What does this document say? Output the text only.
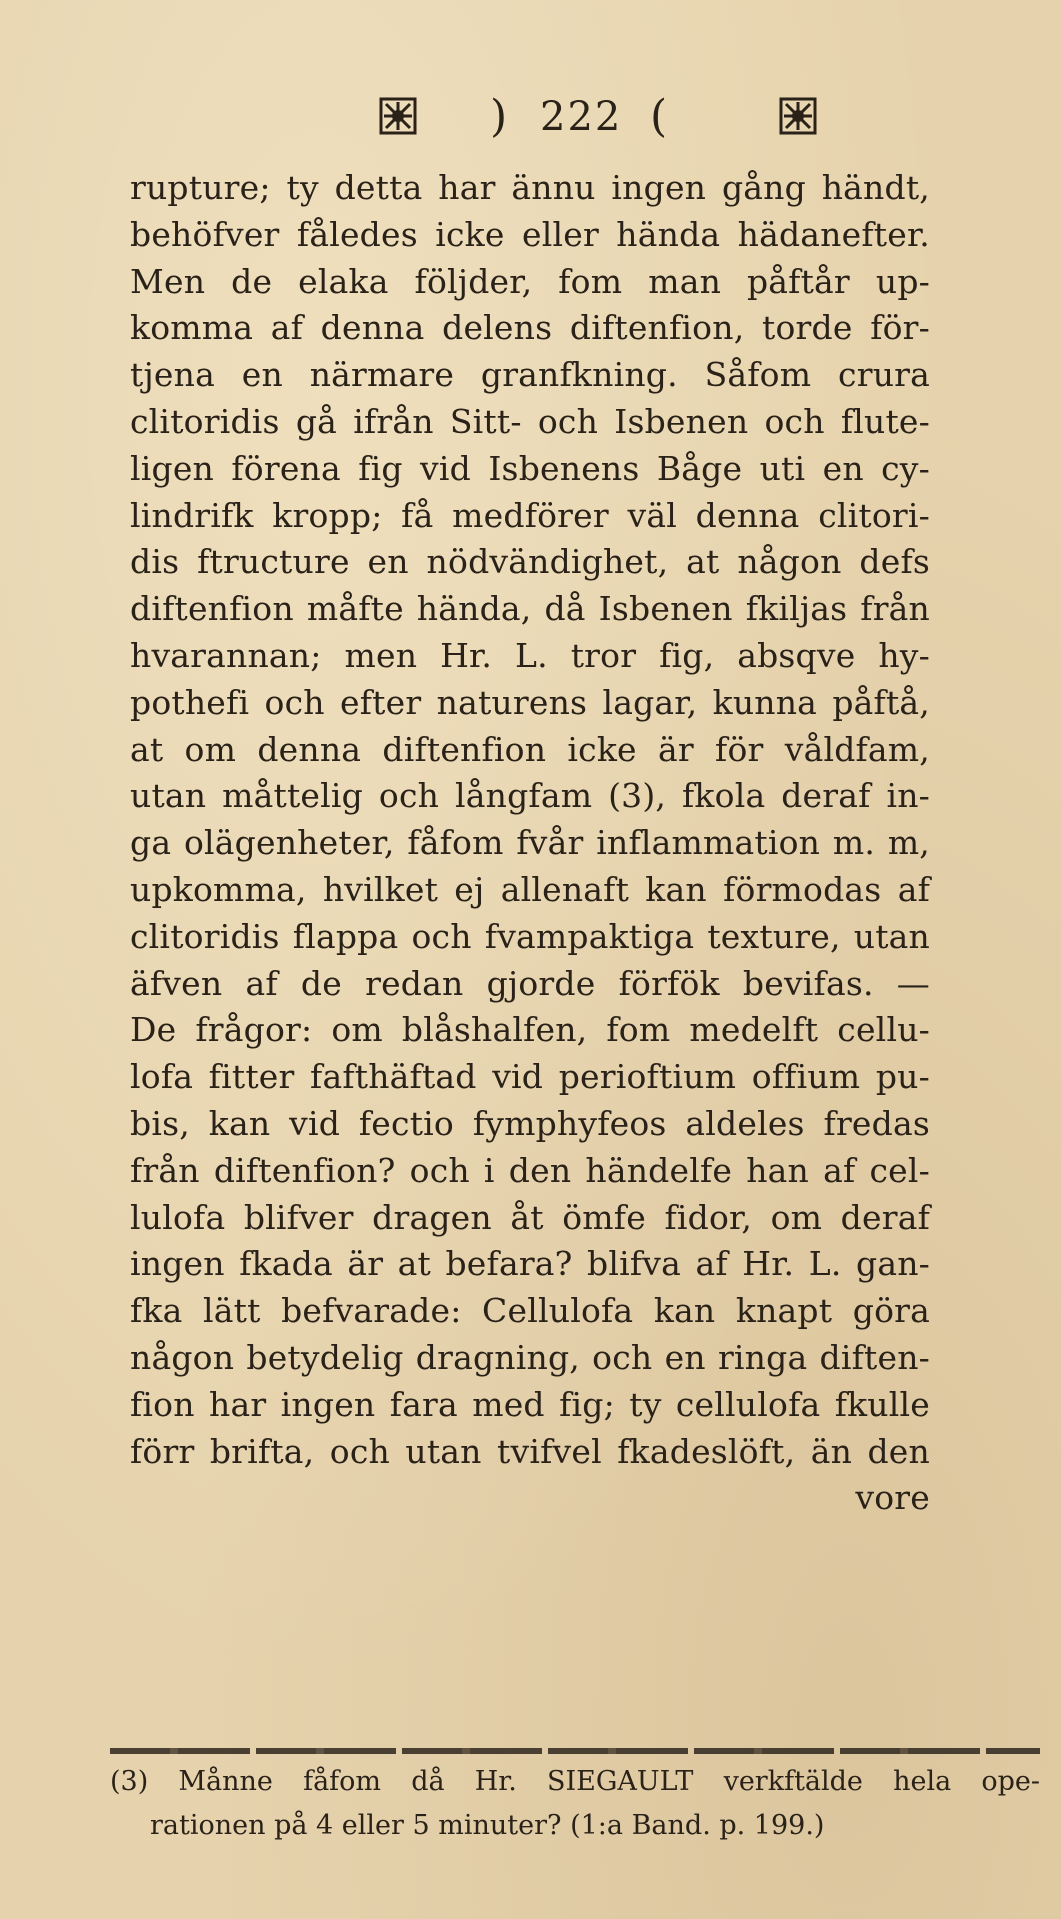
) 222 (
rupture; ty detta har ännu ingen gång händt,
behöfver fåledes icke eller hända hädanefter.
Men de elaka följder, fom man påftår up-
komma af denna delens diftenfion, torde för-
tjena en närmare granfkning. Såfom crura
clitoridis gå ifrån Sitt- och Isbenen och flute-
ligen förena fig vid Isbenens Båge uti en cy-
lindrifk kropp; få medförer väl denna clitori-
dis ftructure en nödvändighet, at någon defs
diftenfion måfte hända, då Isbenen fkiljas från
hvarannan; men Hr. L. tror fig, absqve hy-
pothefi och efter naturens lagar, kunna påftå,
at om denna diftenfion icke är för våldfam,
utan måttelig och långfam (3), fkola deraf in-
ga olägenheter, fåfom fvår inflammation m. m,
upkomma, hvilket ej allenaft kan förmodas af
clitoridis flappa och fvampaktiga texture, utan
äfven af de redan gjorde förfök bevifas. —
De frågor: om blåshalfen, fom medelft cellu-
lofa fitter fafthäftad vid perioftium offium pu-
bis, kan vid fectio fymphyfeos aldeles fredas
från diftenfion? och i den händelfe han af cel-
lulofa blifver dragen åt ömfe fidor, om deraf
ingen fkada är at befara? blifva af Hr. L. gan-
fka lätt befvarade: Cellulofa kan knapt göra
någon betydelig dragning, och en ringa diften-
fion har ingen fara med fig; ty cellulofa fkulle
förr brifta, och utan tvifvel fkadeslöft, än den
vore
(3) Månne fåfom då Hr. SIEGAULT verkftälde hela ope-
rationen på 4 eller 5 minuter? (1:a Band. p. 199.)
